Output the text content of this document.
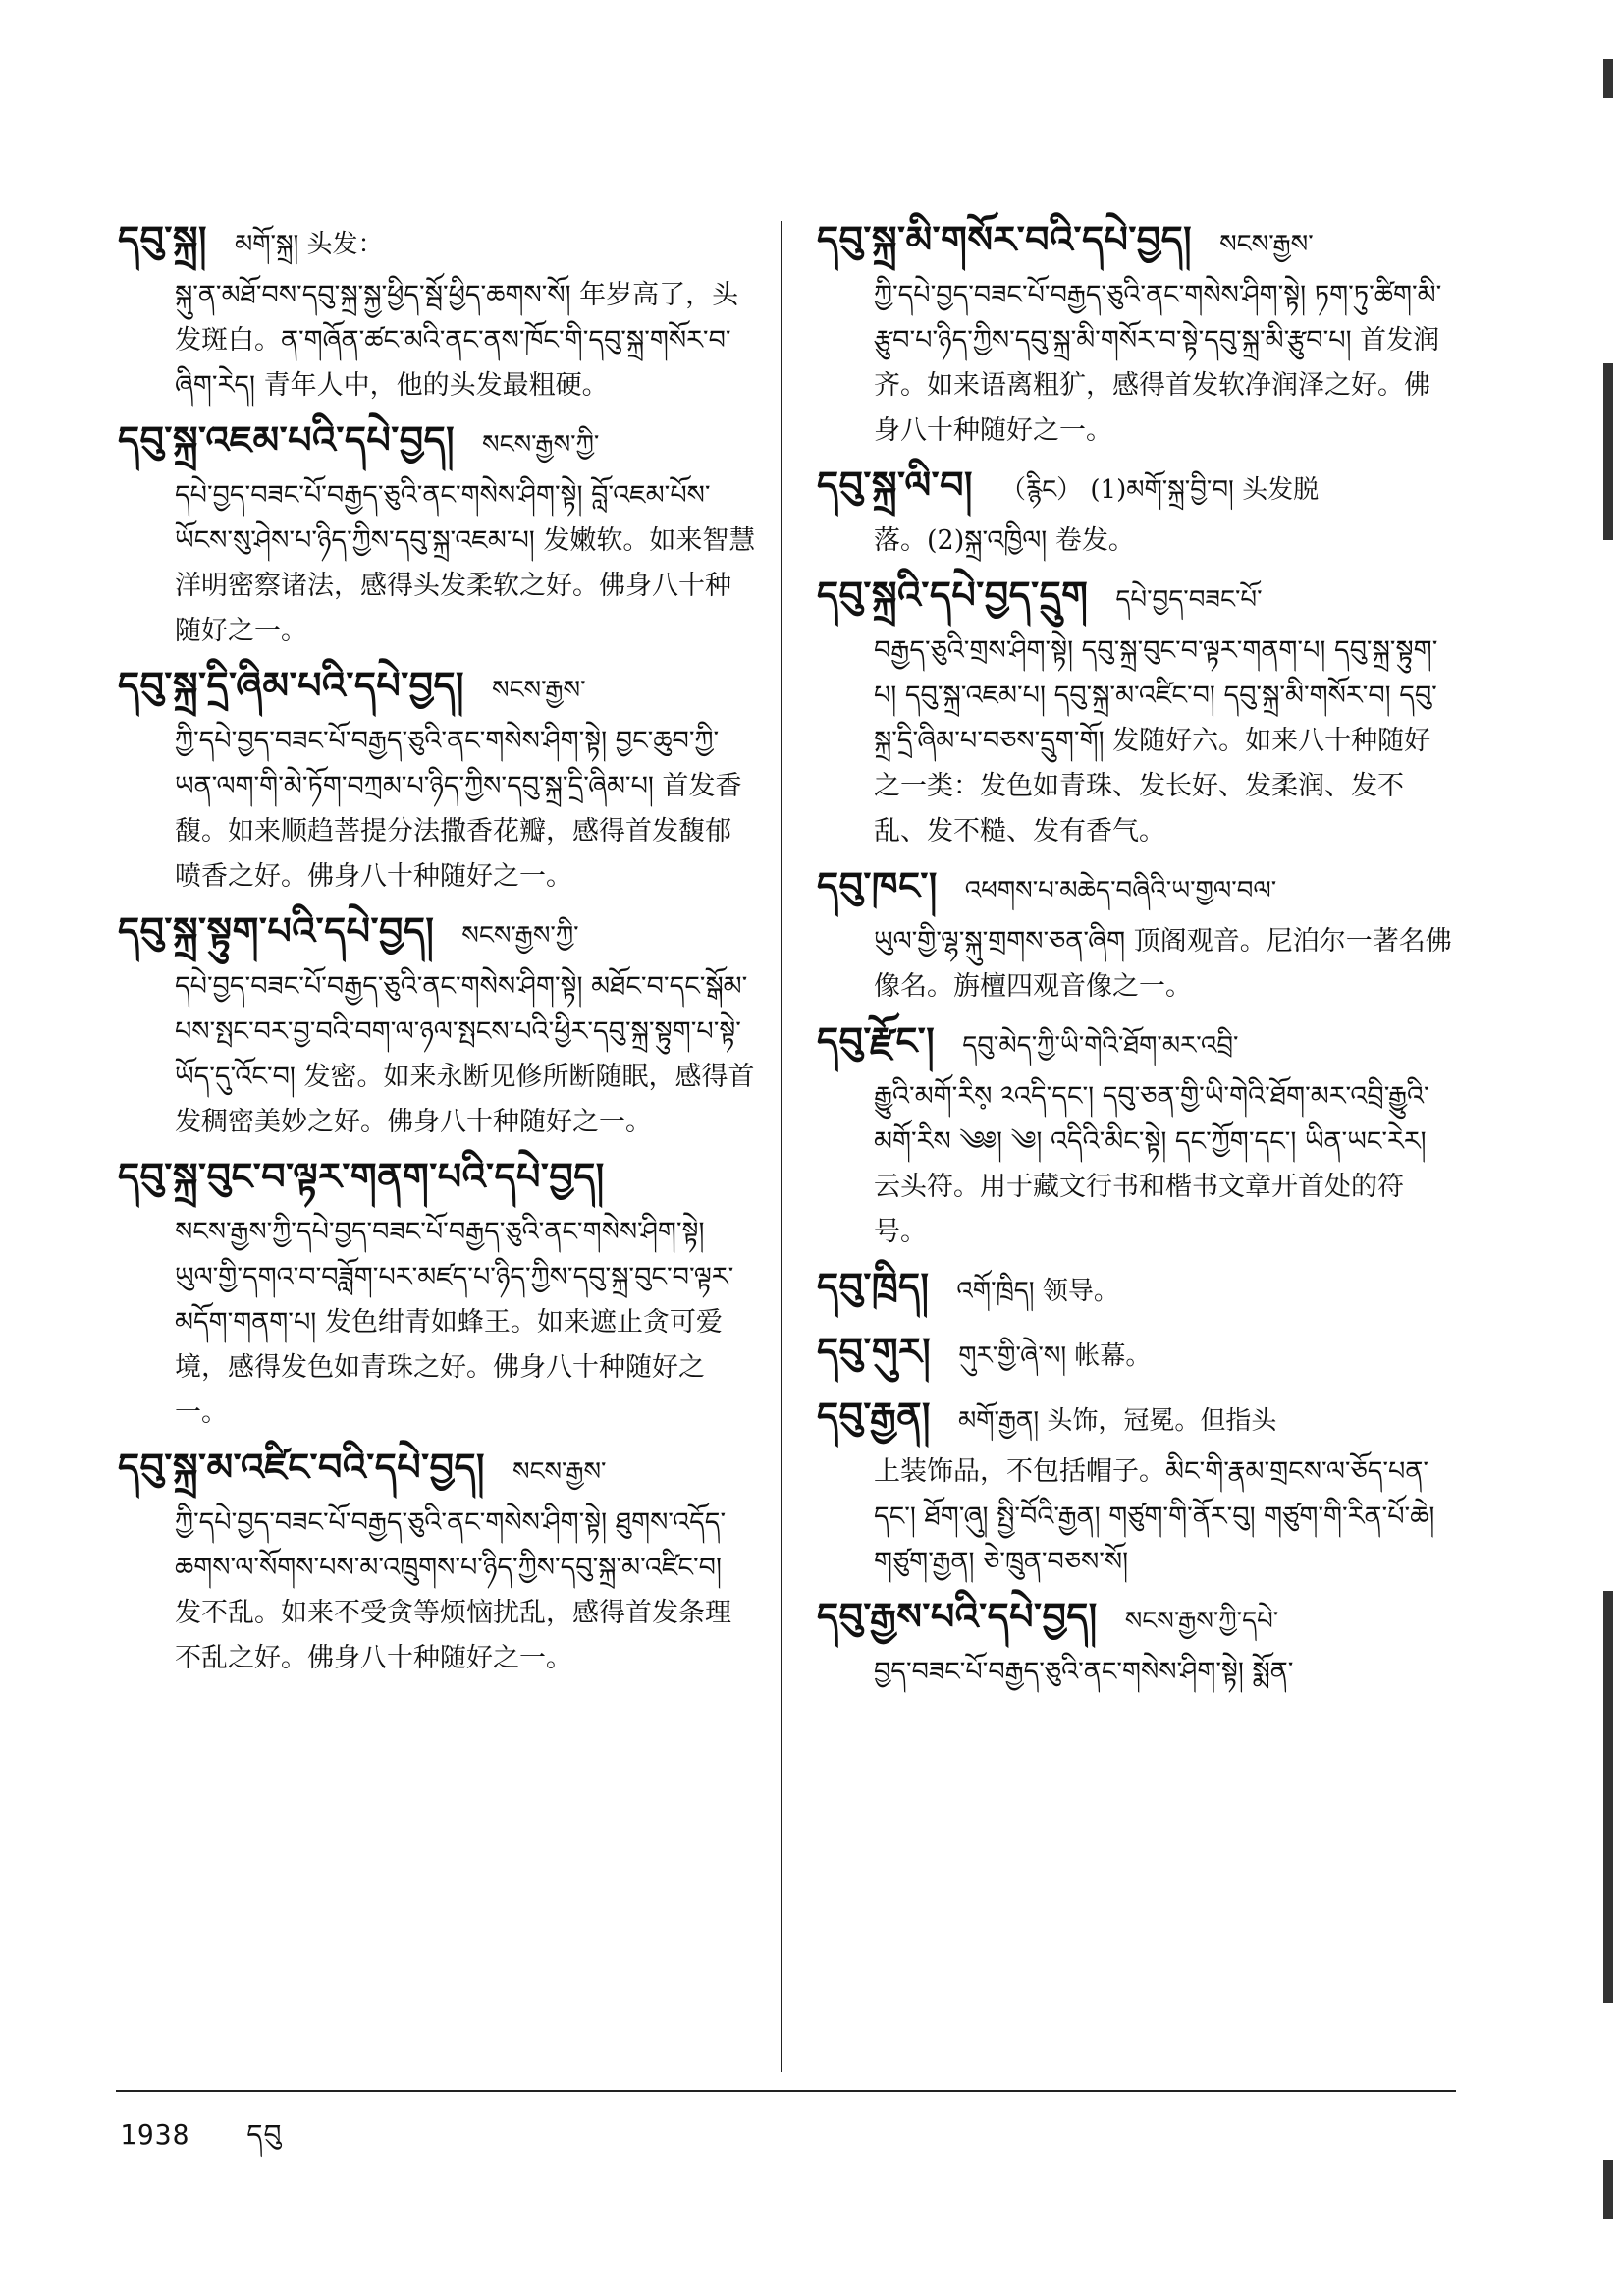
དབུ་སྐྲ། མགོ་སྐྲ། 头发：

སྐུ་ན་མཐོ་བས་དབུ་སྐྲ་སྐྱ་ཕྱིད་སྦོ་ཕྱིད་ཆགས་སོ། 年岁高了，头发斑白。ན་གཞོན་ཚང་མའི་ནང་ནས་ཁོང་གི་དབུ་སྐྲ་གསོར་བ་ཞིག་རེད། 青年人中，他的头发最粗硬。

དབུ་སྐྲ་འཇམ་པའི་དཔེ་བྱད། སངས་རྒྱས་ཀྱི་

དཔེ་བྱད་བཟང་པོ་བརྒྱད་ཅུའི་ནང་གསེས་ཤིག་སྟེ། བློ་འཇམ་པོས་ཡོངས་སུ་ཤེས་པ་ཉིད་ཀྱིས་དབུ་སྐྲ་འཇམ་པ། 发嫩软。如来智慧洋明密察诸法，感得头发柔软之好。佛身八十种随好之一。

དབུ་སྐྲ་དྲི་ཞིམ་པའི་དཔེ་བྱད། སངས་རྒྱས་

ཀྱི་དཔེ་བྱད་བཟང་པོ་བརྒྱད་ཅུའི་ནང་གསེས་ཤིག་སྟེ། བྱང་ཆུབ་ཀྱི་ཡན་ལག་གི་མེ་ཏོག་བཀྲམ་པ་ཉིད་ཀྱིས་དབུ་སྐྲ་དྲི་ཞིམ་པ། 首发香馥。如来顺趋菩提分法撒香花瓣，感得首发馥郁喷香之好。佛身八十种随好之一。

དབུ་སྐྲ་སྟུག་པའི་དཔེ་བྱད། སངས་རྒྱས་ཀྱི་

དཔེ་བྱད་བཟང་པོ་བརྒྱད་ཅུའི་ནང་གསེས་ཤིག་སྟེ། མཐོང་བ་དང་སྒོམ་པས་སྤང་བར་བྱ་བའི་བག་ལ་ཉལ་སྤངས་པའི་ཕྱིར་དབུ་སྐྲ་སྟུག་པ་སྟེ་ཡོད་དུ་འོང་བ། 发密。如来永断见修所断随眠，感得首发稠密美妙之好。佛身八十种随好之一。

དབུ་སྐྲ་བུང་བ་ལྟར་གནག་པའི་དཔེ་བྱད།

སངས་རྒྱས་ཀྱི་དཔེ་བྱད་བཟང་པོ་བརྒྱད་ཅུའི་ནང་གསེས་ཤིག་སྟེ། ཡུལ་གྱི་དགའ་བ་བཟློག་པར་མཛད་པ་ཉིད་ཀྱིས་དབུ་སྐྲ་བུང་བ་ལྟར་མདོག་གནག་པ། 发色绀青如蜂王。如来遮止贪可爱境，感得发色如青珠之好。佛身八十种随好之一。

དབུ་སྐྲ་མ་འཛིང་བའི་དཔེ་བྱད། སངས་རྒྱས་

ཀྱི་དཔེ་བྱད་བཟང་པོ་བརྒྱད་ཅུའི་ནང་གསེས་ཤིག་སྟེ། ཐུགས་འདོད་ཆགས་ལ་སོགས་པས་མ་འཁྲུགས་པ་ཉིད་ཀྱིས་དབུ་སྐྲ་མ་འཛིང་བ། 发不乱。如来不受贪等烦恼扰乱，感得首发条理不乱之好。佛身八十种随好之一。

དབུ་སྐྲ་མི་གསོར་བའི་དཔེ་བྱད། སངས་རྒྱས་

ཀྱི་དཔེ་བྱད་བཟང་པོ་བརྒྱད་ཅུའི་ནང་གསེས་ཤིག་སྟེ། ཏག་ཏུ་ཚིག་མི་རྩུབ་པ་ཉིད་ཀྱིས་དབུ་སྐྲ་མི་གསོར་བ་སྟེ་དབུ་སྐྲ་མི་རྩུབ་པ། 首发润齐。如来语离粗犷，感得首发软净润泽之好。佛身八十种随好之一。

དབུ་སྐྲ་ལི་བ། （རྙིང） (1)མགོ་སྐྲ་བྱི་བ། 头发脱

落。(2)སྐྲ་འཁྱིལ། 卷发。

དབུ་སྐྲའི་དཔེ་བྱད་དྲུག དཔེ་བྱད་བཟང་པོ་

བརྒྱད་ཅུའི་གྲས་ཤིག་སྟེ། དབུ་སྐྲ་བུང་བ་ལྟར་གནག་པ། དབུ་སྐྲ་སྟུག་པ། དབུ་སྐྲ་འཇམ་པ། དབུ་སྐྲ་མ་འཛིང་བ། དབུ་སྐྲ་མི་གསོར་བ། དབུ་སྐྲ་དྲི་ཞིམ་པ་བཅས་དྲུག་གོ། 发随好六。如来八十种随好之一类：发色如青珠、发长好、发柔润、发不乱、发不糙、发有香气。

དབུ་ཁང་། འཕགས་པ་མཆེད་བཞིའི་ཡ་གྱལ་བལ་

ཡུལ་གྱི་ལྷ་སྐུ་གྲགས་ཅན་ཞིག 顶阁观音。尼泊尔一著名佛像名。旃檀四观音像之一。

དབུ་རྫོང་། དབུ་མེད་ཀྱི་ཡི་གེའི་ཐོག་མར་འབྲི་

རྒྱུའི་མགོ་རིས༷ ༢འདི་དང་། དབུ་ཅན་གྱི་ཡི་གེའི་ཐོག་མར་འབྲི་རྒྱུའི་མགོ་རིས ༄༅། ༄། འདིའི་མིང་སྟེ། དང་ཀྱོག་དང་། ཡིན་ཡང་རེར། 云头符。用于藏文行书和楷书文章开首处的符号。

དབུ་ཁྲིད། འགོ་ཁྲིད། 领导。

དབུ་གུར། གུར་གྱི་ཞེ་ས། 帐幕。

དབུ་རྒྱན། མགོ་རྒྱན། 头饰，冠冕。但指头

上装饰品，不包括帽子。མིང་གི་རྣམ་གྲངས་ལ་ཅོད་པན་དང་། ཐོག་ཞུ། སྤྱི་བོའི་རྒྱན། གཙུག་གི་ནོར་བུ། གཙུག་གི་རིན་པོ་ཆེ། གཙུག་རྒྱན། ཅེ་ཁྲུན་བཅས་སོ།

དབུ་རྒྱས་པའི་དཔེ་བྱད། སངས་རྒྱས་ཀྱི་དཔེ་

བྱད་བཟང་པོ་བརྒྱད་ཅུའི་ནང་གསེས་ཤིག་སྟེ། སྨོན་

1938 དབུ
